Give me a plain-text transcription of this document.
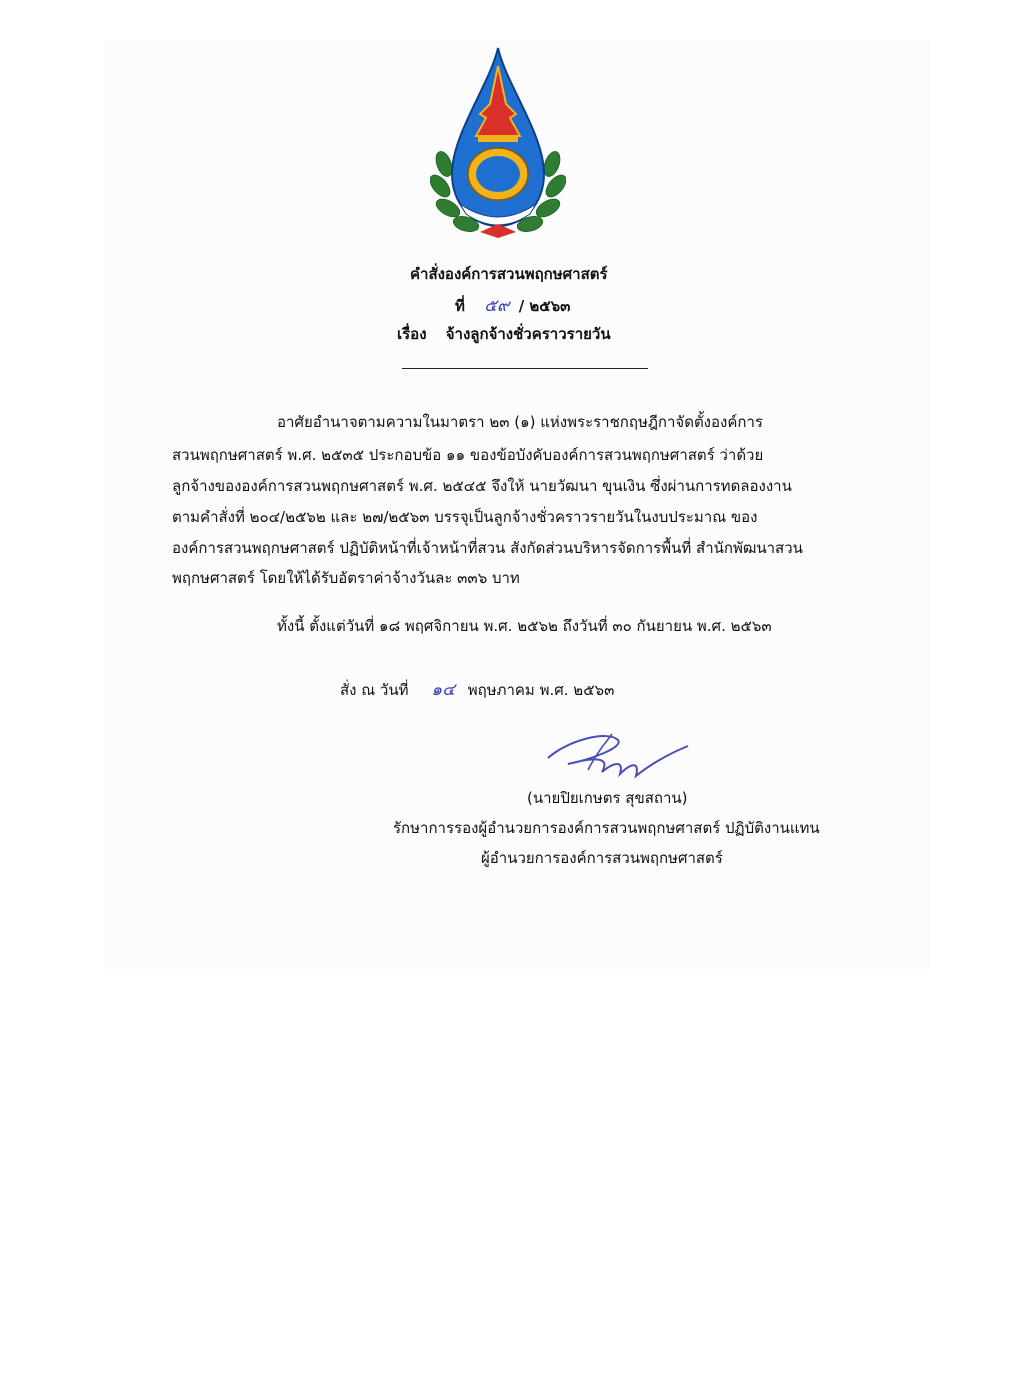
คำสั่งองค์การสวนพฤกษศาสตร์
ที่ ๕๙ / ๒๕๖๓
เรื่อง จ้างลูกจ้างชั่วคราวรายวัน
อาศัยอำนาจตามความในมาตรา ๒๓ (๑) แห่งพระราชกฤษฎีกาจัดตั้งองค์การ
สวนพฤกษศาสตร์ พ.ศ. ๒๕๓๕ ประกอบข้อ ๑๑ ของข้อบังคับองค์การสวนพฤกษศาสตร์ ว่าด้วย
ลูกจ้างขององค์การสวนพฤกษศาสตร์ พ.ศ. ๒๕๔๕ จึงให้ นายวัฒนา ขุนเงิน ซึ่งผ่านการทดลองงาน
ตามคำสั่งที่ ๒๐๔/๒๕๖๒ และ ๒๗/๒๕๖๓ บรรจุเป็นลูกจ้างชั่วคราวรายวันในงบประมาณ ของ
องค์การสวนพฤกษศาสตร์ ปฏิบัติหน้าที่เจ้าหน้าที่สวน สังกัดส่วนบริหารจัดการพื้นที่ สำนักพัฒนาสวน
พฤกษศาสตร์ โดยให้ได้รับอัตราค่าจ้างวันละ ๓๓๖ บาท
ทั้งนี้ ตั้งแต่วันที่ ๑๘ พฤศจิกายน พ.ศ. ๒๕๖๒ ถึงวันที่ ๓๐ กันยายน พ.ศ. ๒๕๖๓
สั่ง ณ วันที่ ๑๔ พฤษภาคม พ.ศ. ๒๕๖๓
(นายปิยเกษตร สุขสถาน)
รักษาการรองผู้อำนวยการองค์การสวนพฤกษศาสตร์ ปฏิบัติงานแทน
ผู้อำนวยการองค์การสวนพฤกษศาสตร์
